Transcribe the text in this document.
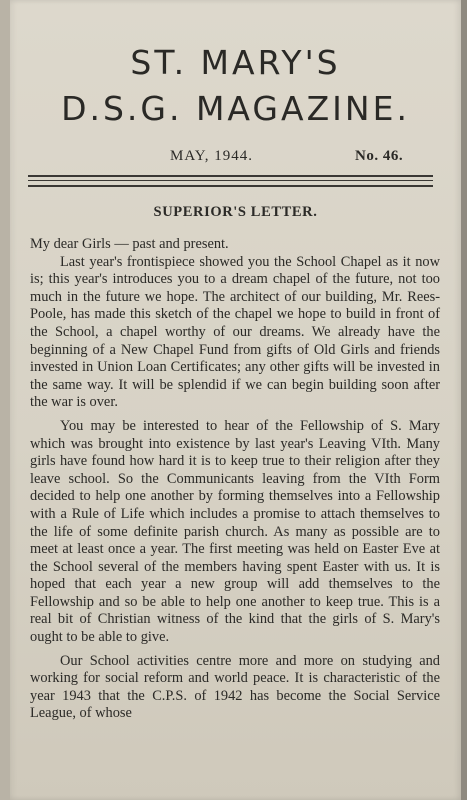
ST. MARY'S
D.S.G. MAGAZINE.
MAY, 1944.	No. 46.
SUPERIOR'S LETTER.

My dear Girls — past and present.

Last year's frontispiece showed you the School Chapel as it now is; this year's introduces you to a dream chapel of the future, not too much in the future we hope. The architect of our building, Mr. Rees-Poole, has made this sketch of the chapel we hope to build in front of the School, a chapel worthy of our dreams. We already have the beginning of a New Chapel Fund from gifts of Old Girls and friends invested in Union Loan Certificates; any other gifts will be invested in the same way. It will be splendid if we can begin building soon after the war is over.

You may be interested to hear of the Fellowship of S. Mary which was brought into existence by last year's Leaving VIth. Many girls have found how hard it is to keep true to their religion after they leave school. So the Communicants leaving from the VIth Form decided to help one another by forming themselves into a Fellowship with a Rule of Life which includes a promise to attach themselves to the life of some definite parish church. As many as possible are to meet at least once a year. The first meeting was held on Easter Eve at the School several of the members having spent Easter with us. It is hoped that each year a new group will add themselves to the Fellowship and so be able to help one another to keep true. This is a real bit of Christian witness of the kind that the girls of S. Mary's ought to be able to give.

Our School activities centre more and more on studying and working for social reform and world peace. It is characteristic of the year 1943 that the C.P.S. of 1942 has become the Social Service League, of whose
